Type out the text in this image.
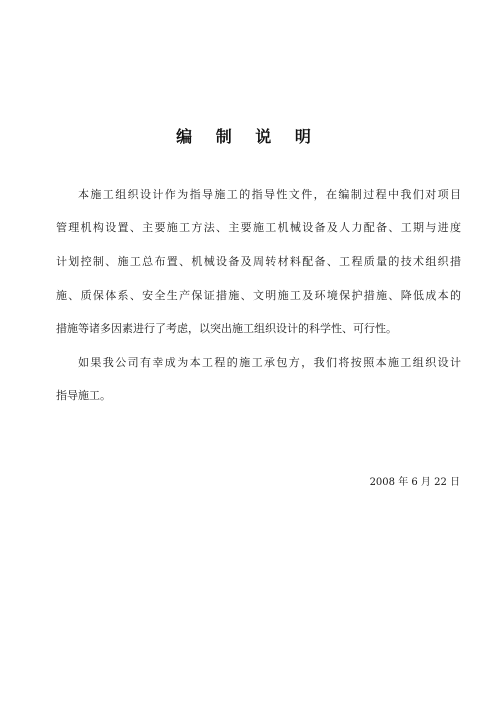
编 制 说 明
本施工组织设计作为指导施工的指导性文件，在编制过程中我们对项目
管理机构设置、主要施工方法、主要施工机械设备及人力配备、工期与进度
计划控制、施工总布置、机械设备及周转材料配备、工程质量的技术组织措
施、质保体系、安全生产保证措施、文明施工及环境保护措施、降低成本的
措施等诸多因素进行了考虑，以突出施工组织设计的科学性、可行性。
如果我公司有幸成为本工程的施工承包方，我们将按照本施工组织设计
指导施工。
2008 年 6 月 22 日
